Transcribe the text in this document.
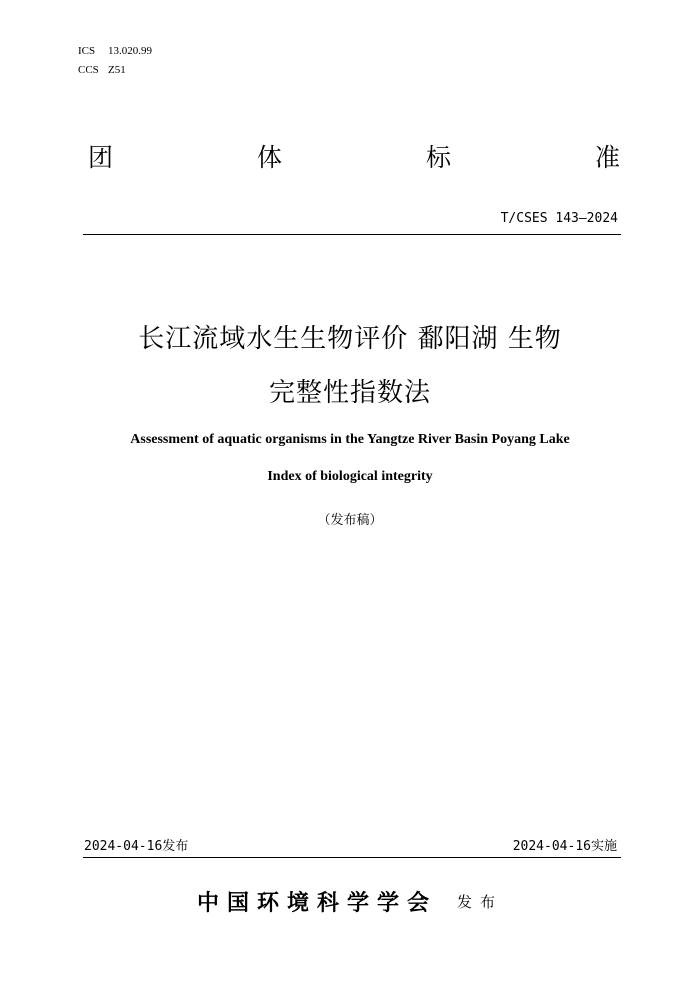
ICS 13.020.99
CCS Z51
团	体	标	准
T/CSES 143—2024
长江流域水生生物评价 鄱阳湖 生物
完整性指数法
Assessment of aquatic organisms in the Yangtze River Basin Poyang Lake
Index of biological integrity
（发布稿）
2024-04-16发布	2024-04-16实施
中国环境科学学会 发布
